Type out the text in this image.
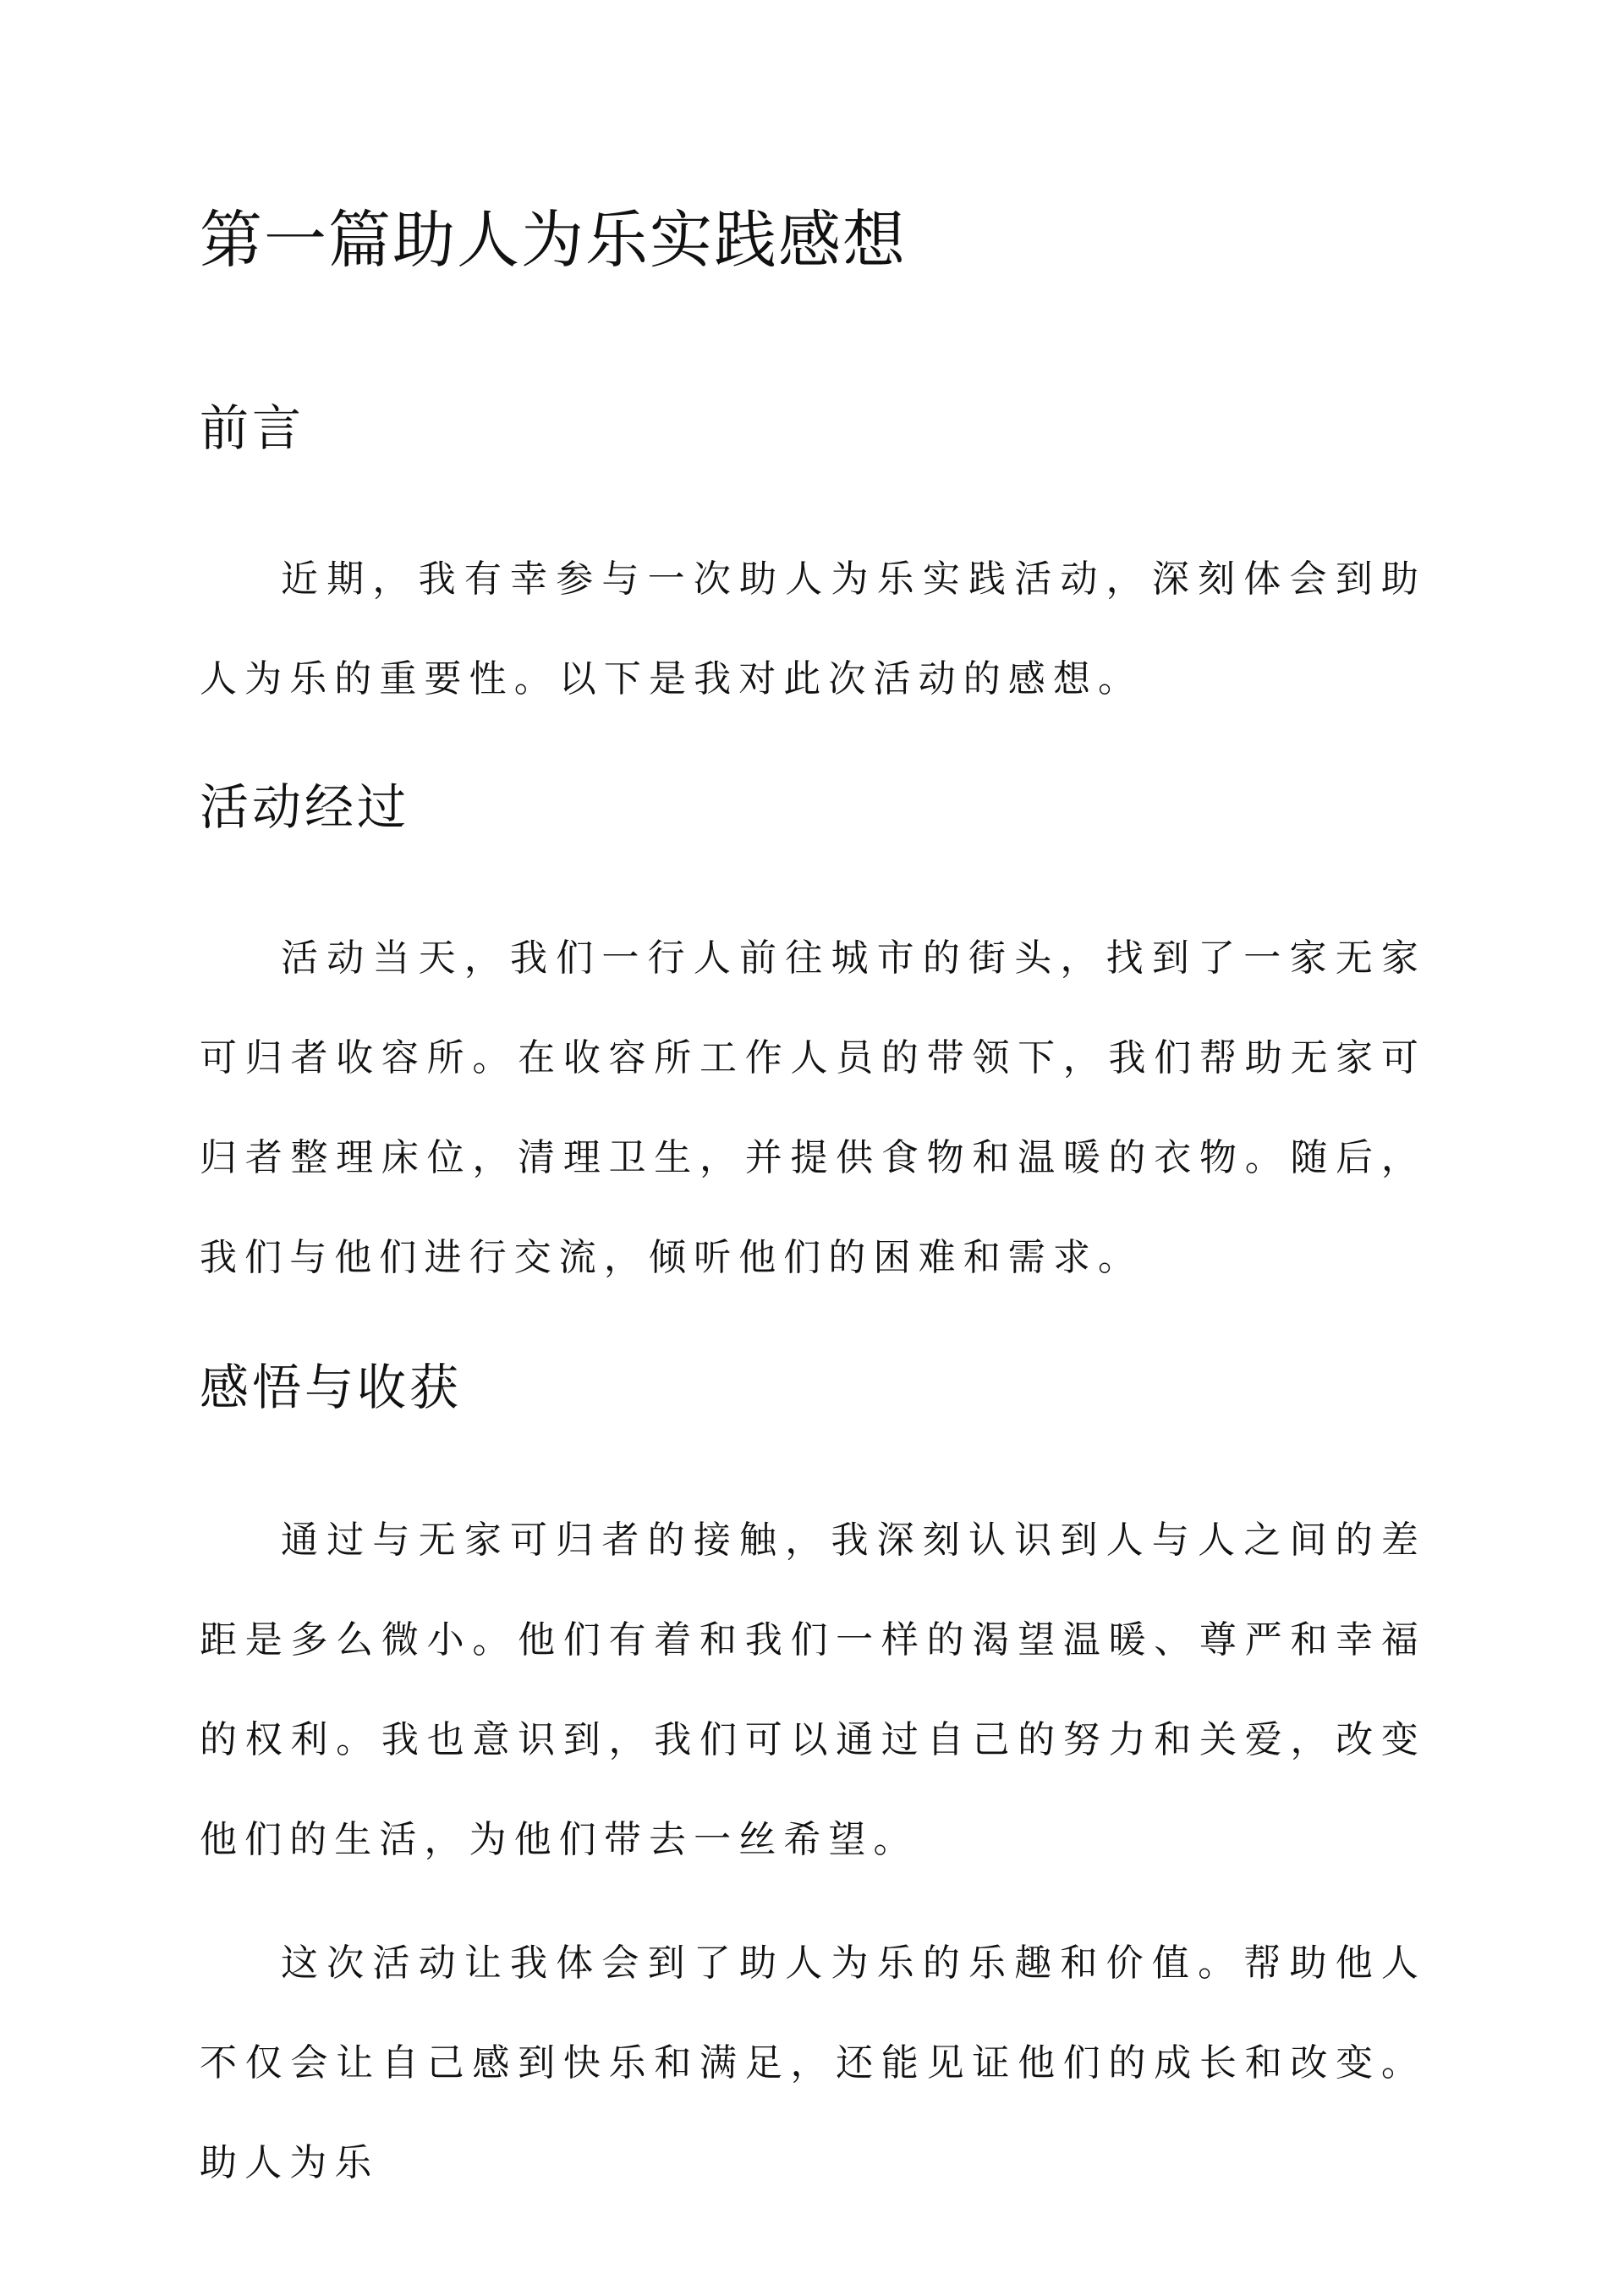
第一篇助人为乐实践感想
前言

近期，我有幸参与一次助人为乐实践活动，深刻体会到助人为乐的重要性。以下是我对此次活动的感想。

活动经过

活动当天，我们一行人前往城市的街头，找到了一家无家可归者收容所。在收容所工作人员的带领下，我们帮助无家可归者整理床位，清理卫生，并提供食物和温暖的衣物。随后，我们与他们进行交流，倾听他们的困难和需求。

感悟与收获

通过与无家可归者的接触，我深刻认识到人与人之间的差距是多么微小。他们有着和我们一样的渴望温暖、尊严和幸福的权利。我也意识到，我们可以通过自己的努力和关爱，改变他们的生活，为他们带去一丝希望。

这次活动让我体会到了助人为乐的乐趣和价值。帮助他人不仅会让自己感到快乐和满足，还能见证他们的成长和改变。助人为乐
